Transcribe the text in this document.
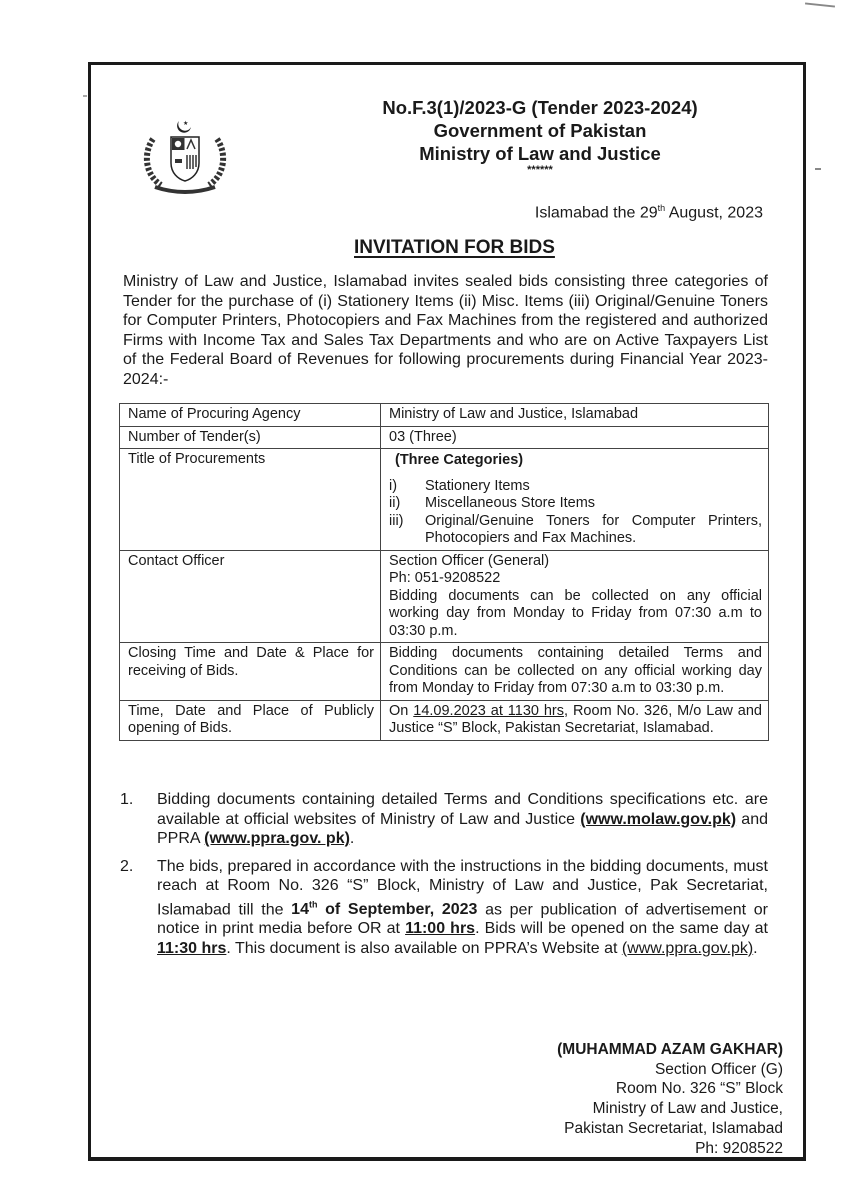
★
No.F.3(1)/2023-G (Tender 2023-2024)
Government of Pakistan
Ministry of Law and Justice
******
Islamabad the 29th August, 2023
INVITATION FOR BIDS
Ministry of Law and Justice, Islamabad invites sealed bids consisting three categories of Tender for the purchase of (i) Stationery Items (ii) Misc. Items (iii) Original/Genuine Toners for Computer Printers, Photocopiers and Fax Machines from the registered and authorized Firms with Income Tax and Sales Tax Departments and who are on Active Taxpayers List of the Federal Board of Revenues for following procurements during Financial Year 2023-2024:-
Name of Procuring Agency	Ministry of Law and Justice, Islamabad
Number of Tender(s)	03 (Three)
Title of Procurements	(Three Categories)
i)	Stationery Items
ii)	Miscellaneous Store Items
iii)	Original/Genuine Toners for Computer Printers, Photocopiers and Fax Machines.

Contact Officer	Section Officer (General)
Ph: 051-9208522
Bidding documents can be collected on any official working day from Monday to Friday from 07:30 a.m to 03:30 p.m.

Closing Time and Date & Place for receiving of Bids.	Bidding documents containing detailed Terms and Conditions can be collected on any official working day from Monday to Friday from 07:30 a.m to 03:30 p.m.
Time, Date and Place of Publicly opening of Bids.	On 14.09.2023 at 1130 hrs, Room No. 326, M/o Law and Justice “S” Block, Pakistan Secretariat, Islamabad.
1.	Bidding documents containing detailed Terms and Conditions specifications etc. are available at official websites of Ministry of Law and Justice (www.molaw.gov.pk) and PPRA (www.ppra.gov. pk).
2.	The bids, prepared in accordance with the instructions in the bidding documents, must reach at Room No. 326 “S” Block, Ministry of Law and Justice, Pak Secretariat, Islamabad till the 14th of September, 2023 as per publication of advertisement or notice in print media before OR at 11:00 hrs. Bids will be opened on the same day at 11:30 hrs. This document is also available on PPRA’s Website at (www.ppra.gov.pk).
(MUHAMMAD AZAM GAKHAR)
Section Officer (G)
Room No. 326 “S” Block
Ministry of Law and Justice,
Pakistan Secretariat, Islamabad
Ph: 9208522
